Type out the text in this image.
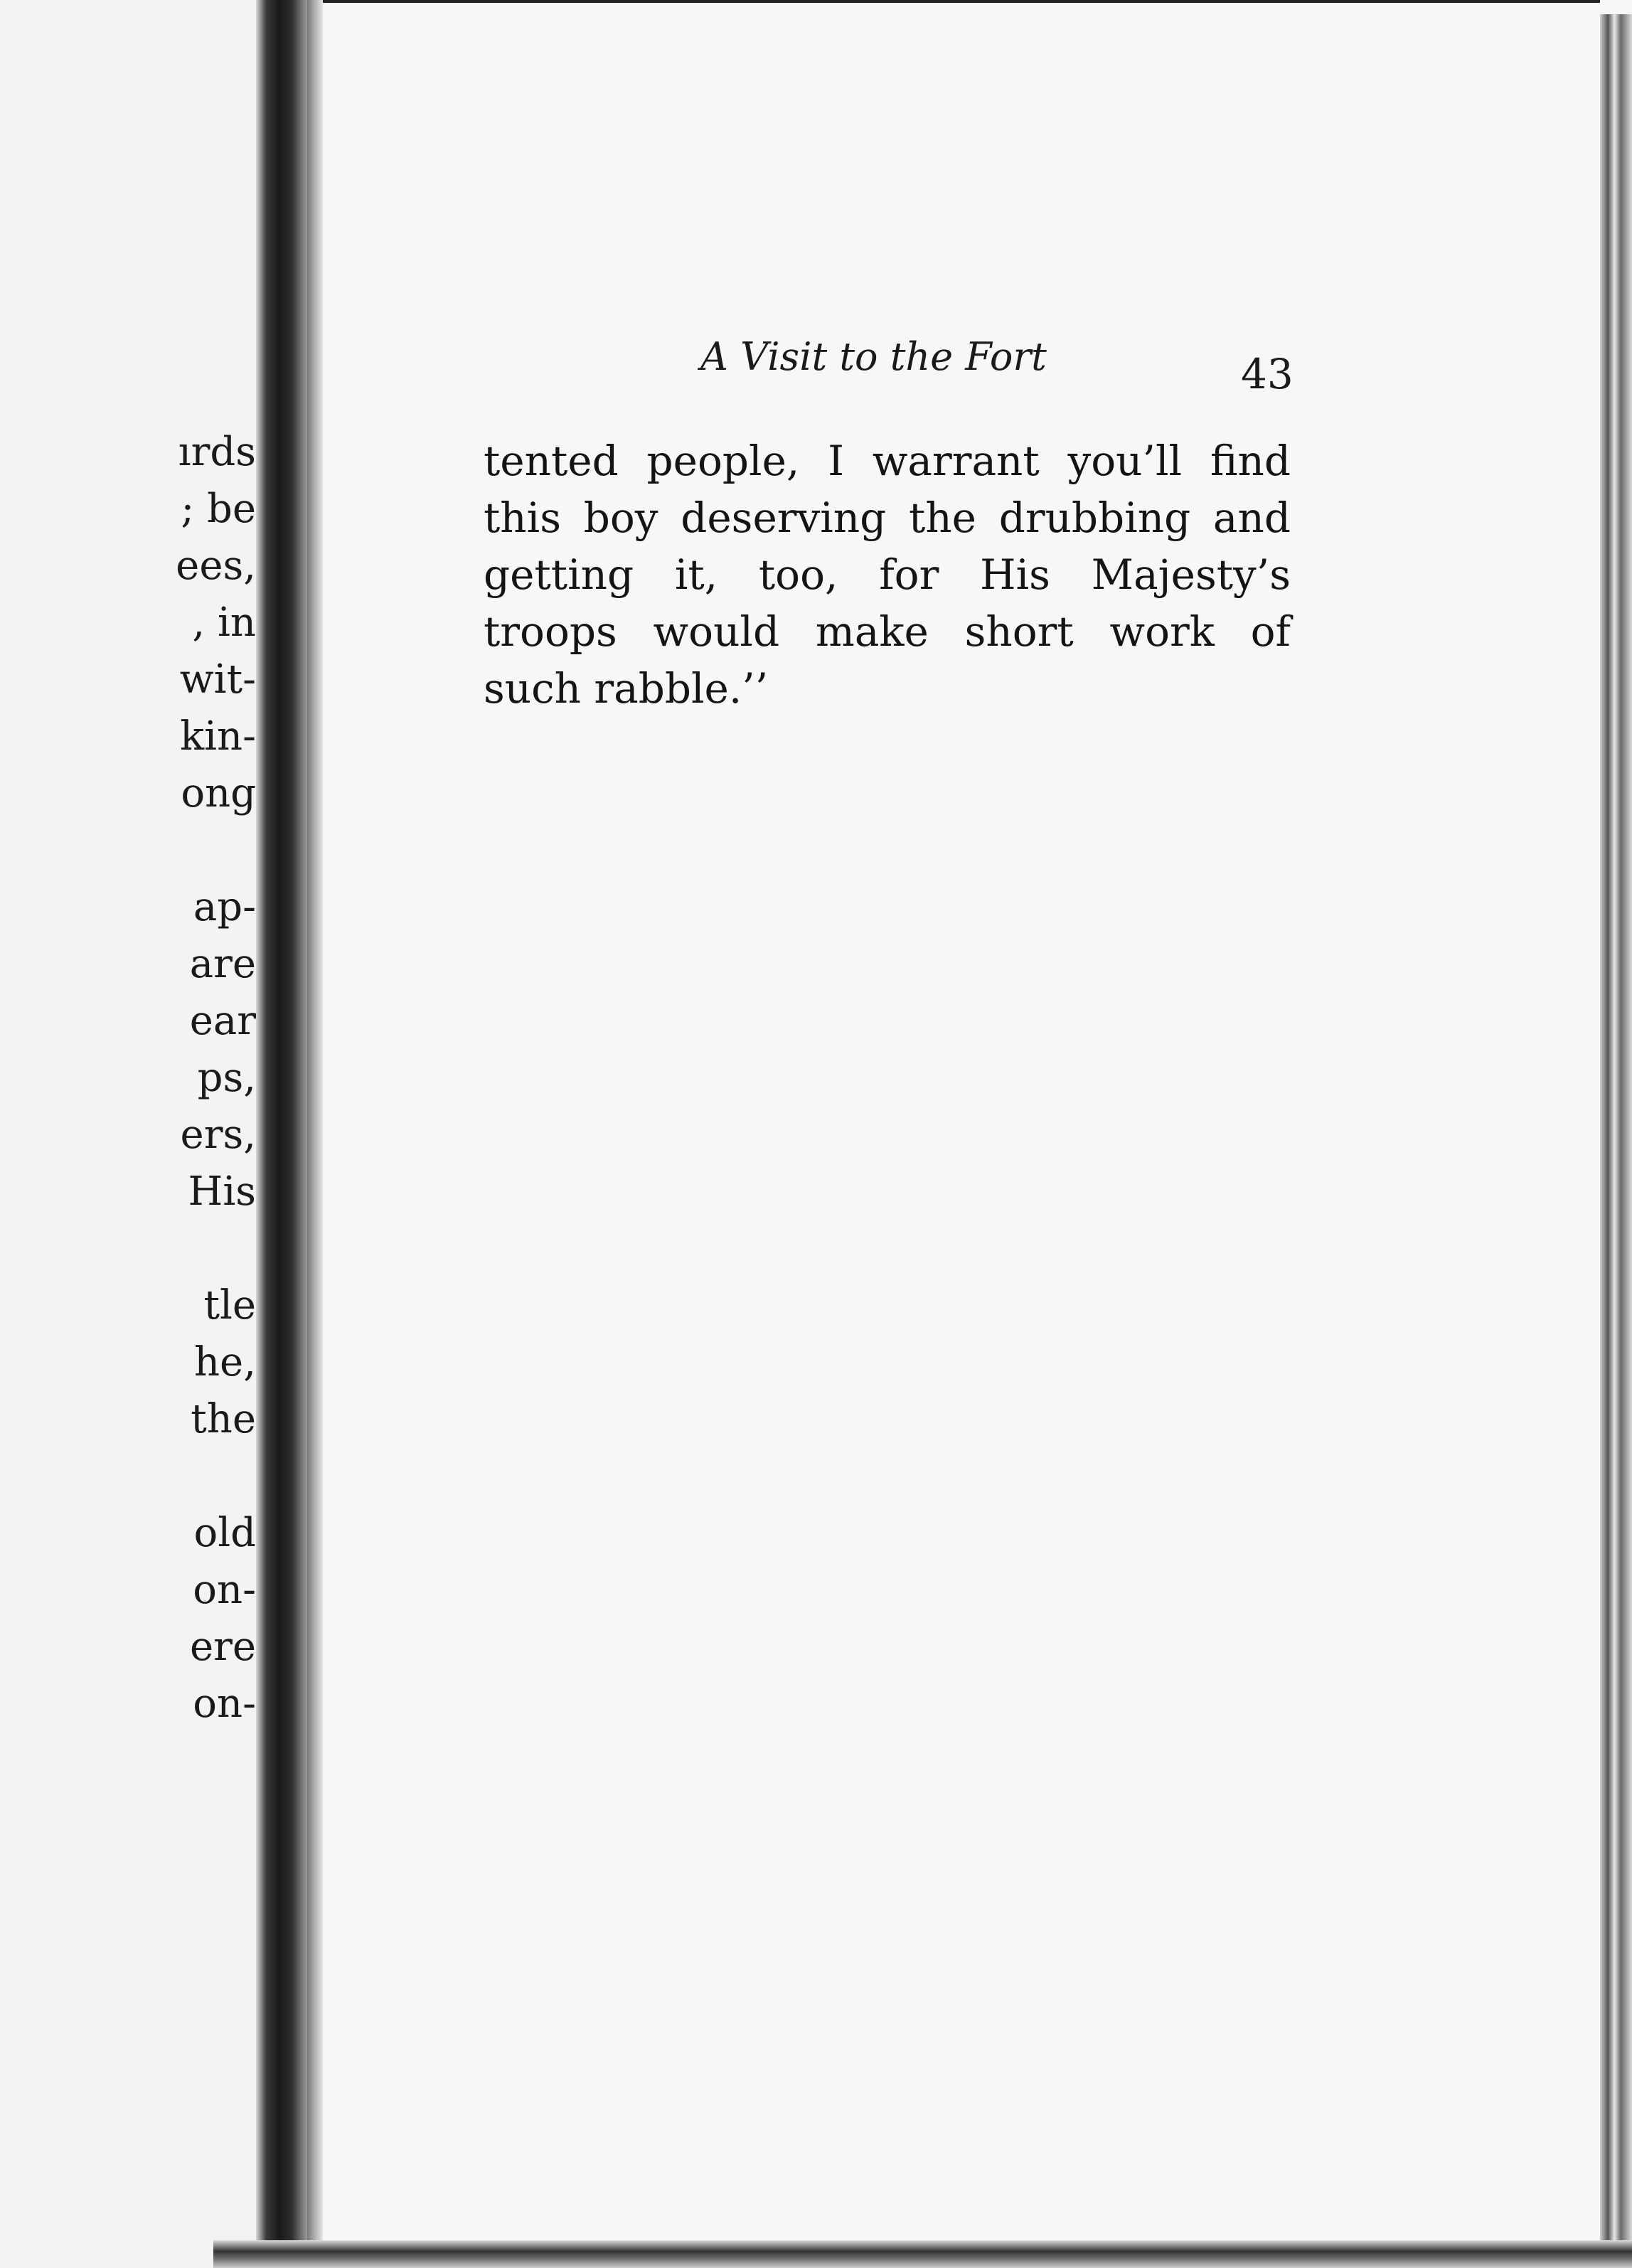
ırds
; be
ees,
, in
wit-
kin-
ong
ap-
are
ear
ps,
ers,
His
tle
he,
the
old
on-
ere
on-
A Visit to the Fort	43
tented people, I warrant you’ll find
this boy deserving the drubbing and
getting it, too, for His Majesty’s
troops would make short work of
such rabble.’’
